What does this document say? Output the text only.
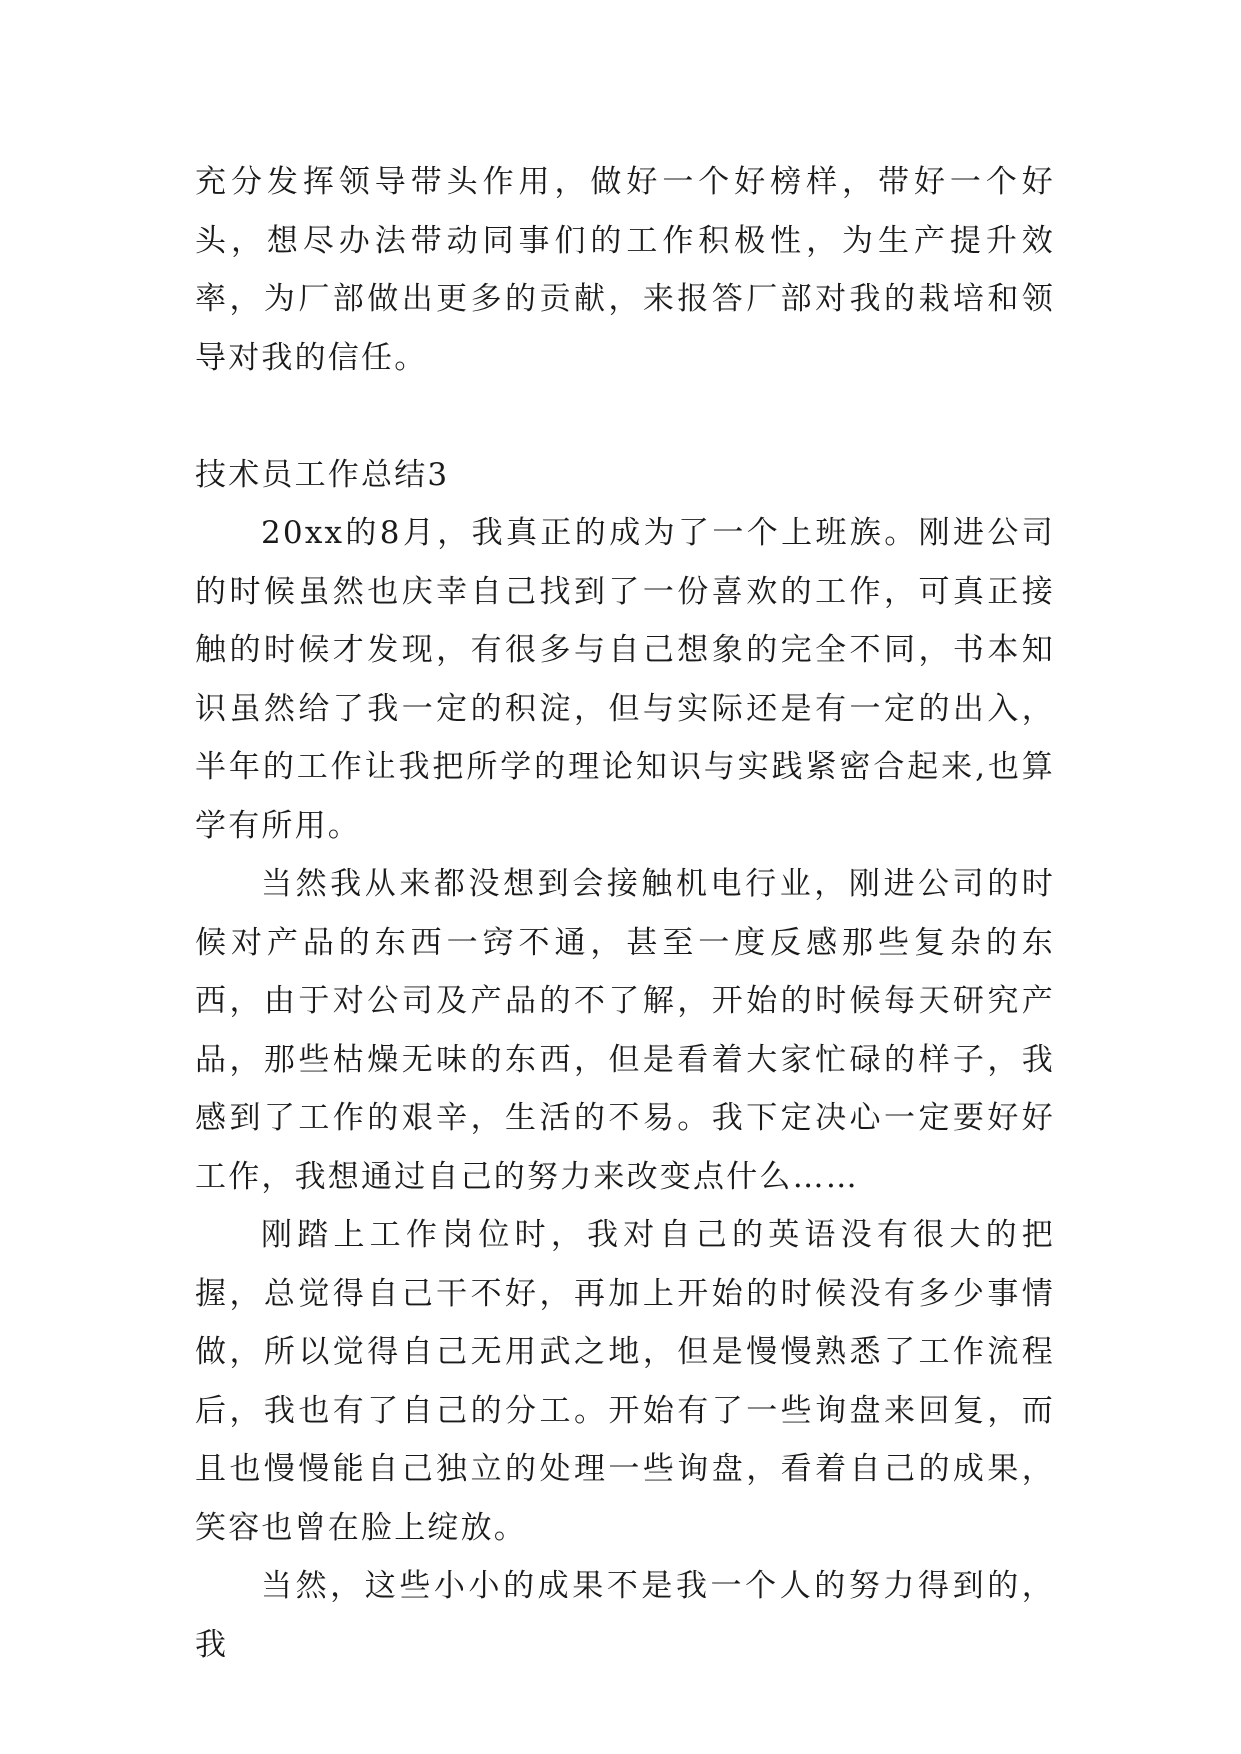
充分发挥领导带头作用，做好一个好榜样，带好一个好头，想尽办法带动同事们的工作积极性，为生产提升效率，为厂部做出更多的贡献，来报答厂部对我的栽培和领导对我的信任。

技术员工作总结3

20xx的8月，我真正的成为了一个上班族。刚进公司的时候虽然也庆幸自己找到了一份喜欢的工作，可真正接触的时候才发现，有很多与自己想象的完全不同，书本知识虽然给了我一定的积淀，但与实际还是有一定的出入，半年的工作让我把所学的理论知识与实践紧密合起来,也算学有所用。

当然我从来都没想到会接触机电行业，刚进公司的时候对产品的东西一窍不通，甚至一度反感那些复杂的东西，由于对公司及产品的不了解，开始的时候每天研究产品，那些枯燥无味的东西，但是看着大家忙碌的样子，我感到了工作的艰辛，生活的不易。我下定决心一定要好好工作，我想通过自己的努力来改变点什么……

刚踏上工作岗位时，我对自己的英语没有很大的把握，总觉得自己干不好，再加上开始的时候没有多少事情做，所以觉得自己无用武之地，但是慢慢熟悉了工作流程后，我也有了自己的分工。开始有了一些询盘来回复，而且也慢慢能自己独立的处理一些询盘，看着自己的成果，笑容也曾在脸上绽放。

当然，这些小小的成果不是我一个人的努力得到的，我
